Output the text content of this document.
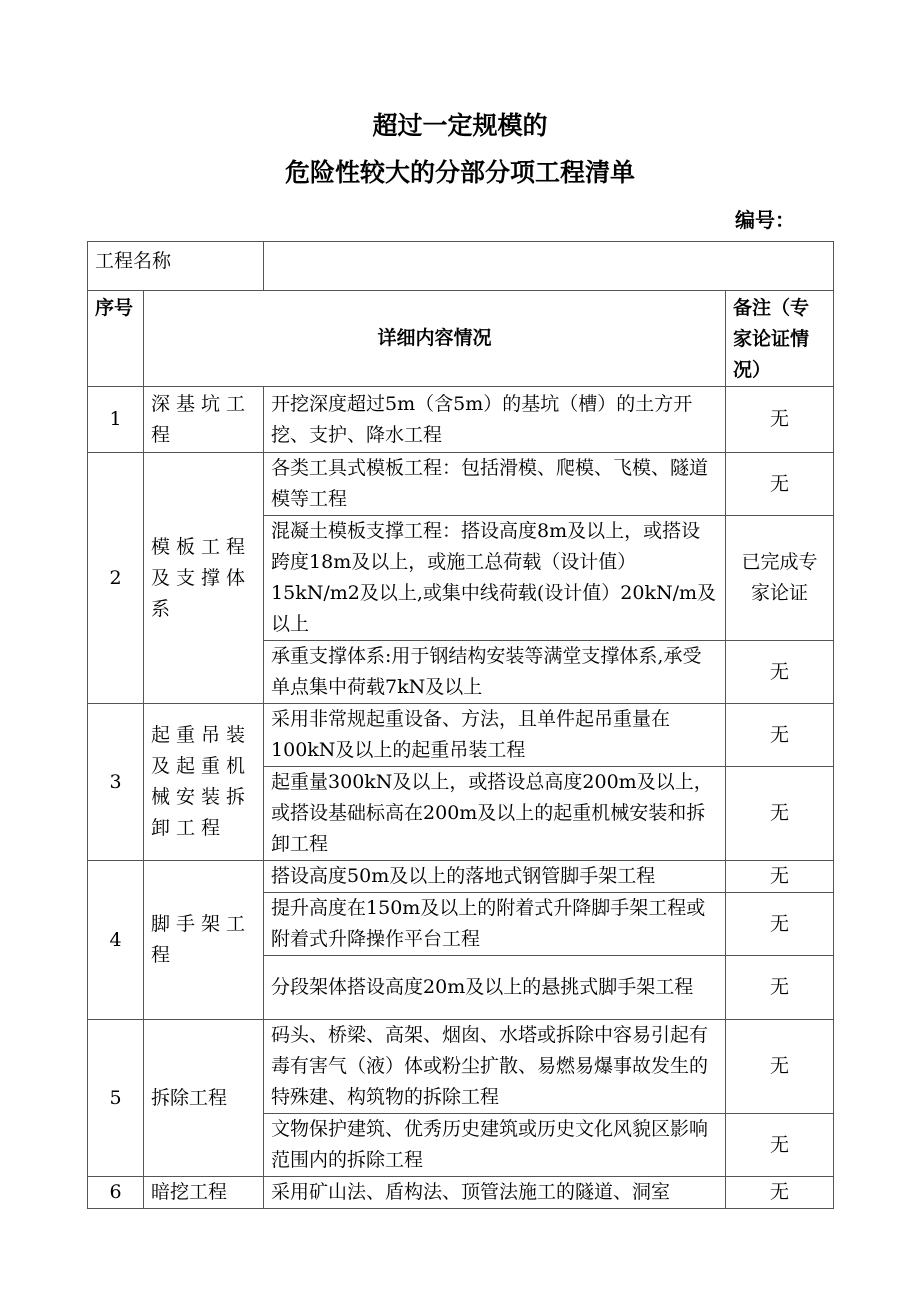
超过一定规模的
危险性较大的分部分项工程清单
编号：
工程名称			
序号	详细内容情况		备注（专家论证情况）
1	深基坑工程	开挖深度超过5m（含5m）的基坑（槽）的土方开挖、支护、降水工程	无
2	模板工程及支撑体系	各类工具式模板工程：包括滑模、爬模、飞模、隧道模等工程	无
		混凝土模板支撑工程：搭设高度8m及以上，或搭设跨度18m及以上，或施工总荷载（设计值）15kN/m2及以上,或集中线荷载(设计值）20kN/m及以上	已完成专家论证
		承重支撑体系:用于钢结构安装等满堂支撑体系,承受单点集中荷载7kN及以上	无
3	起重吊装及起重机械安装拆卸工程	采用非常规起重设备、方法，且单件起吊重量在100kN及以上的起重吊装工程	无
		起重量300kN及以上，或搭设总高度200m及以上，或搭设基础标高在200m及以上的起重机械安装和拆卸工程	无
4	脚手架工程	搭设高度50m及以上的落地式钢管脚手架工程	无
		提升高度在150m及以上的附着式升降脚手架工程或附着式升降操作平台工程	无
		分段架体搭设高度20m及以上的悬挑式脚手架工程	无
5	拆除工程	码头、桥梁、高架、烟囱、水塔或拆除中容易引起有毒有害气（液）体或粉尘扩散、易燃易爆事故发生的特殊建、构筑物的拆除工程	无
		文物保护建筑、优秀历史建筑或历史文化风貌区影响范围内的拆除工程	无
6	暗挖工程	采用矿山法、盾构法、顶管法施工的隧道、洞室	无
